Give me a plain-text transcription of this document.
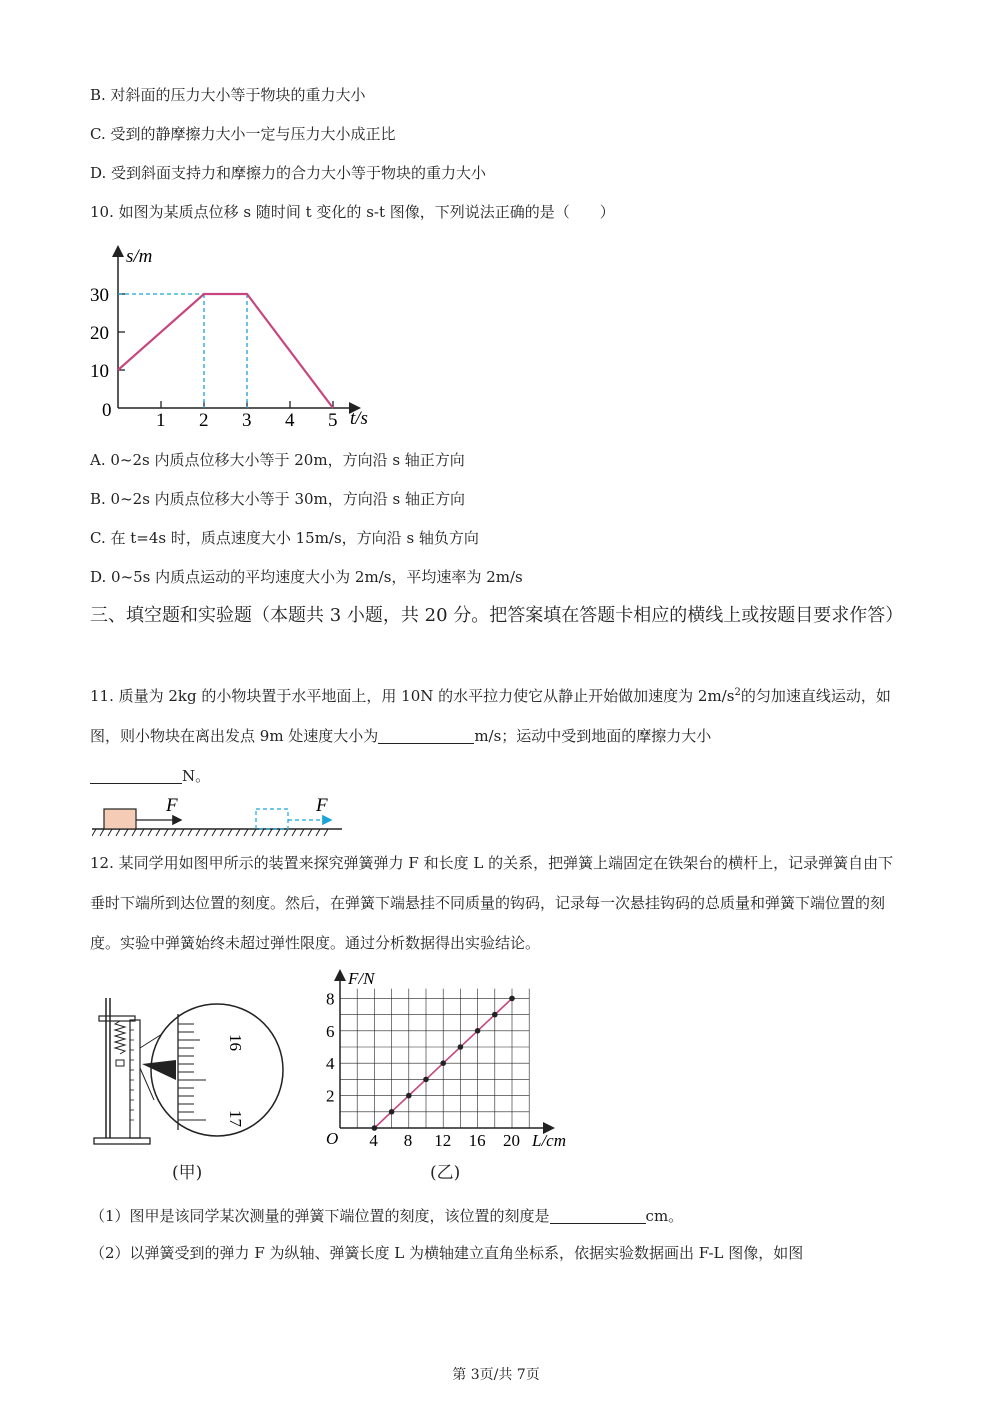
B. 对斜面的压力大小等于物块的重力大小
C. 受到的静摩擦力大小一定与压力大小成正比
D. 受到斜面支持力和摩擦力的合力大小等于物块的重力大小
10. 如图为某质点位移 s 随时间 t 变化的 s-t 图像，下列说法正确的是（　　）
s/m
t/s
0
10
20
30
1 2 3 4 5
A. 0~2s 内质点位移大小等于 20m，方向沿 s 轴正方向
B. 0~2s 内质点位移大小等于 30m，方向沿 s 轴正方向
C. 在 t=4s 时，质点速度大小 15m/s，方向沿 s 轴负方向
D. 0~5s 内质点运动的平均速度大小为 2m/s，平均速率为 2m/s
三、填空题和实验题（本题共 3 小题，共 20 分。把答案填在答题卡相应的横线上或按题目要求作答）
11. 质量为 2kg 的小物块置于水平地面上，用 10N 的水平拉力使它从静止开始做加速度为 $2m/s^2$的匀加速直线运动，如图，则小物块在离出发点 9m 处速度大小为	m/s；运动中受到地面的摩擦力大小
N。
F	F
12. 某同学用如图甲所示的装置来探究弹簧弹力 F 和长度 L 的关系，把弹簧上端固定在铁架台的横杆上，记录弹簧自由下垂时下端所到达位置的刻度。然后，在弹簧下端悬挂不同质量的钩码，记录每一次悬挂钩码的总质量和弹簧下端位置的刻度。实验中弹簧始终未超过弹性限度。通过分析数据得出实验结论。
16
17
(甲)
F/N
L/cm
O
2
4
6
8
4 8 12 16 20
(乙)
（1）图甲是该同学某次测量的弹簧下端位置的刻度，该位置的刻度是	cm。
（2）以弹簧受到的弹力 F 为纵轴、弹簧长度 L 为横轴建立直角坐标系，依据实验数据画出 F-L 图像，如图
第 3页/共 7页
